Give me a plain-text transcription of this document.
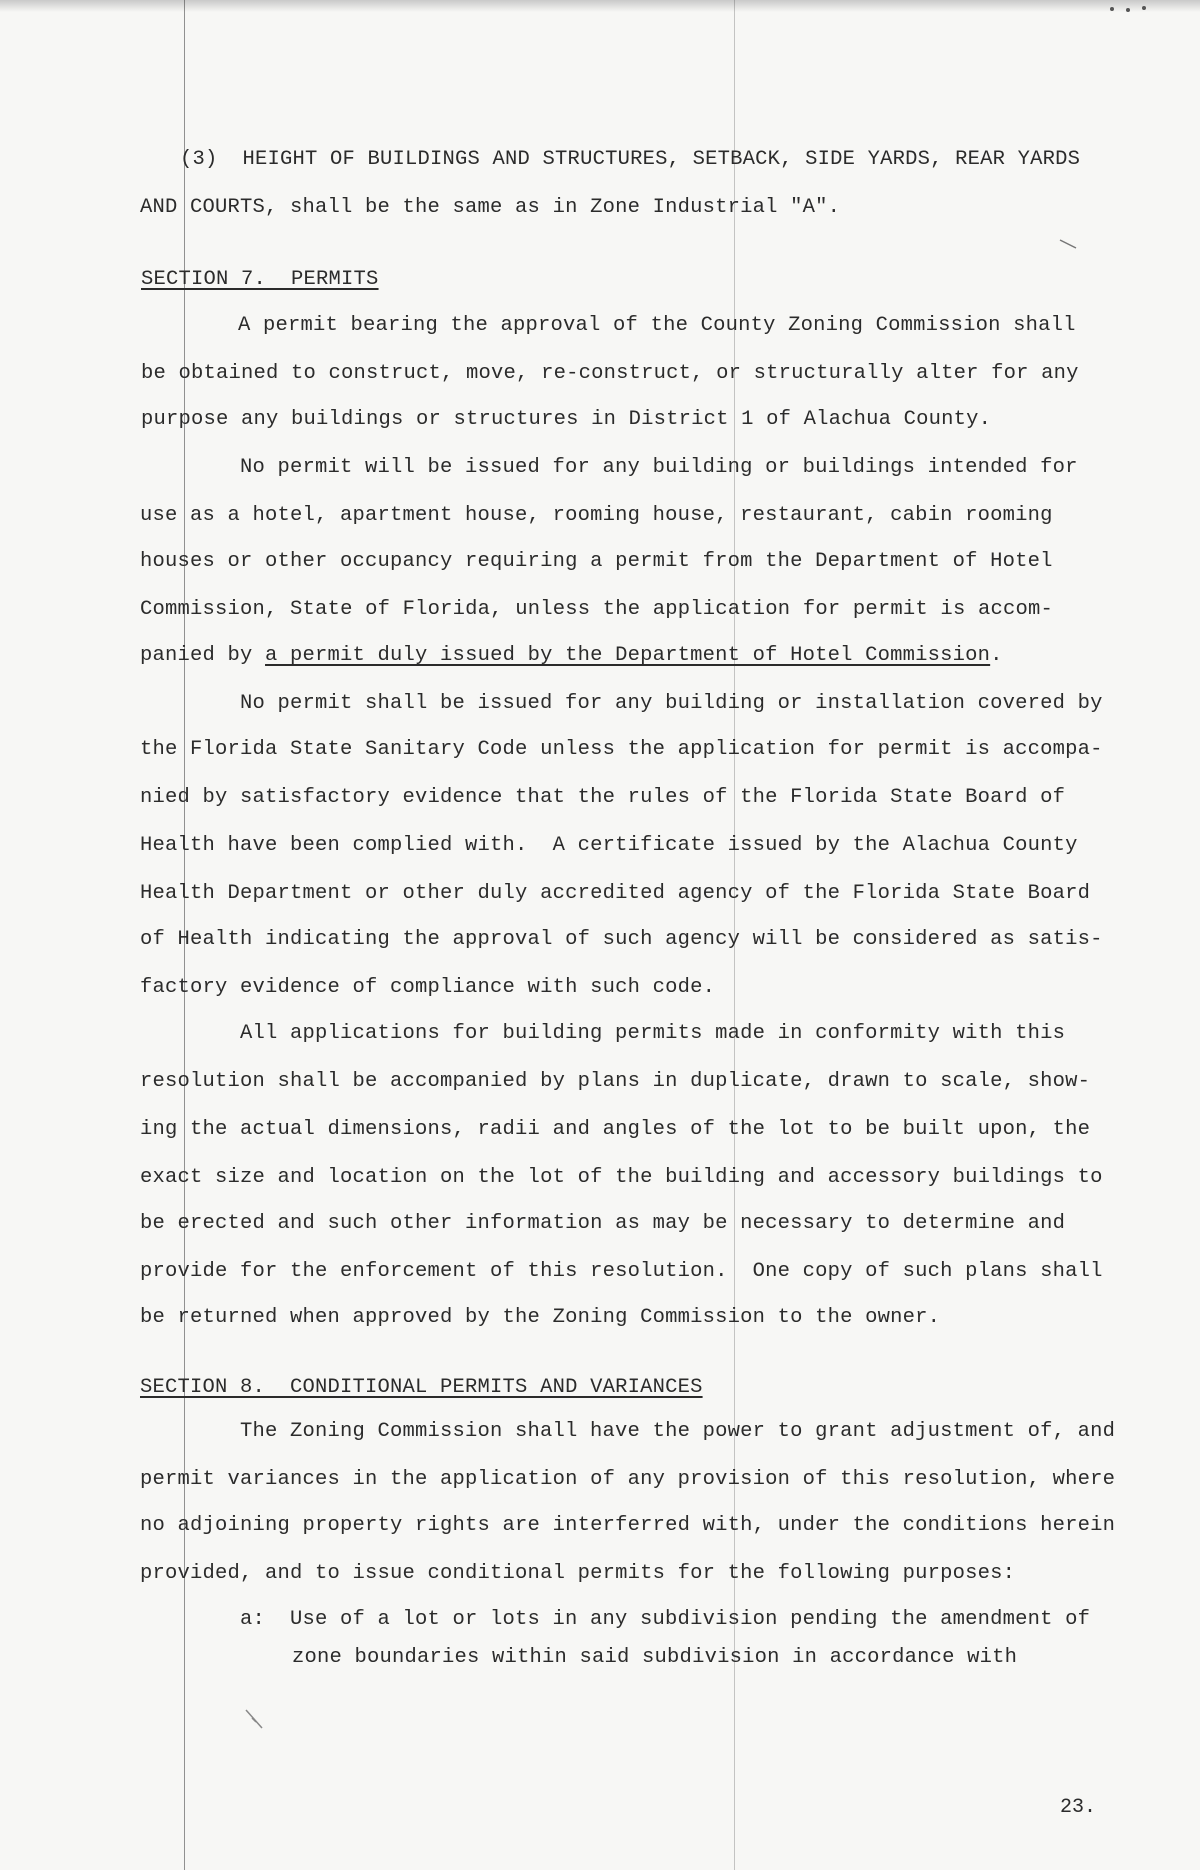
(3)  HEIGHT OF BUILDINGS AND STRUCTURES, SETBACK, SIDE YARDS, REAR YARDS
AND COURTS, shall be the same as in Zone Industrial "A".
SECTION 7.  PERMITS
A permit bearing the approval of the County Zoning Commission shall
be obtained to construct, move, re-construct, or structurally alter for any
purpose any buildings or structures in District 1 of Alachua County.
No permit will be issued for any building or buildings intended for
use as a hotel, apartment house, rooming house, restaurant, cabin rooming
houses or other occupancy requiring a permit from the Department of Hotel
Commission, State of Florida, unless the application for permit is accom-
panied by a permit duly issued by the Department of Hotel Commission.
No permit shall be issued for any building or installation covered by
the Florida State Sanitary Code unless the application for permit is accompa-
nied by satisfactory evidence that the rules of the Florida State Board of
Health have been complied with.  A certificate issued by the Alachua County
Health Department or other duly accredited agency of the Florida State Board
of Health indicating the approval of such agency will be considered as satis-
factory evidence of compliance with such code.
All applications for building permits made in conformity with this
resolution shall be accompanied by plans in duplicate, drawn to scale, show-
ing the actual dimensions, radii and angles of the lot to be built upon, the
exact size and location on the lot of the building and accessory buildings to
be erected and such other information as may be necessary to determine and
provide for the enforcement of this resolution.  One copy of such plans shall
be returned when approved by the Zoning Commission to the owner.
SECTION 8.  CONDITIONAL PERMITS AND VARIANCES
The Zoning Commission shall have the power to grant adjustment of, and
permit variances in the application of any provision of this resolution, where
no adjoining property rights are interferred with, under the conditions herein
provided, and to issue conditional permits for the following purposes:
a: Use of a lot or lots in any subdivision pending the amendment of
zone boundaries within said subdivision in accordance with
23.
